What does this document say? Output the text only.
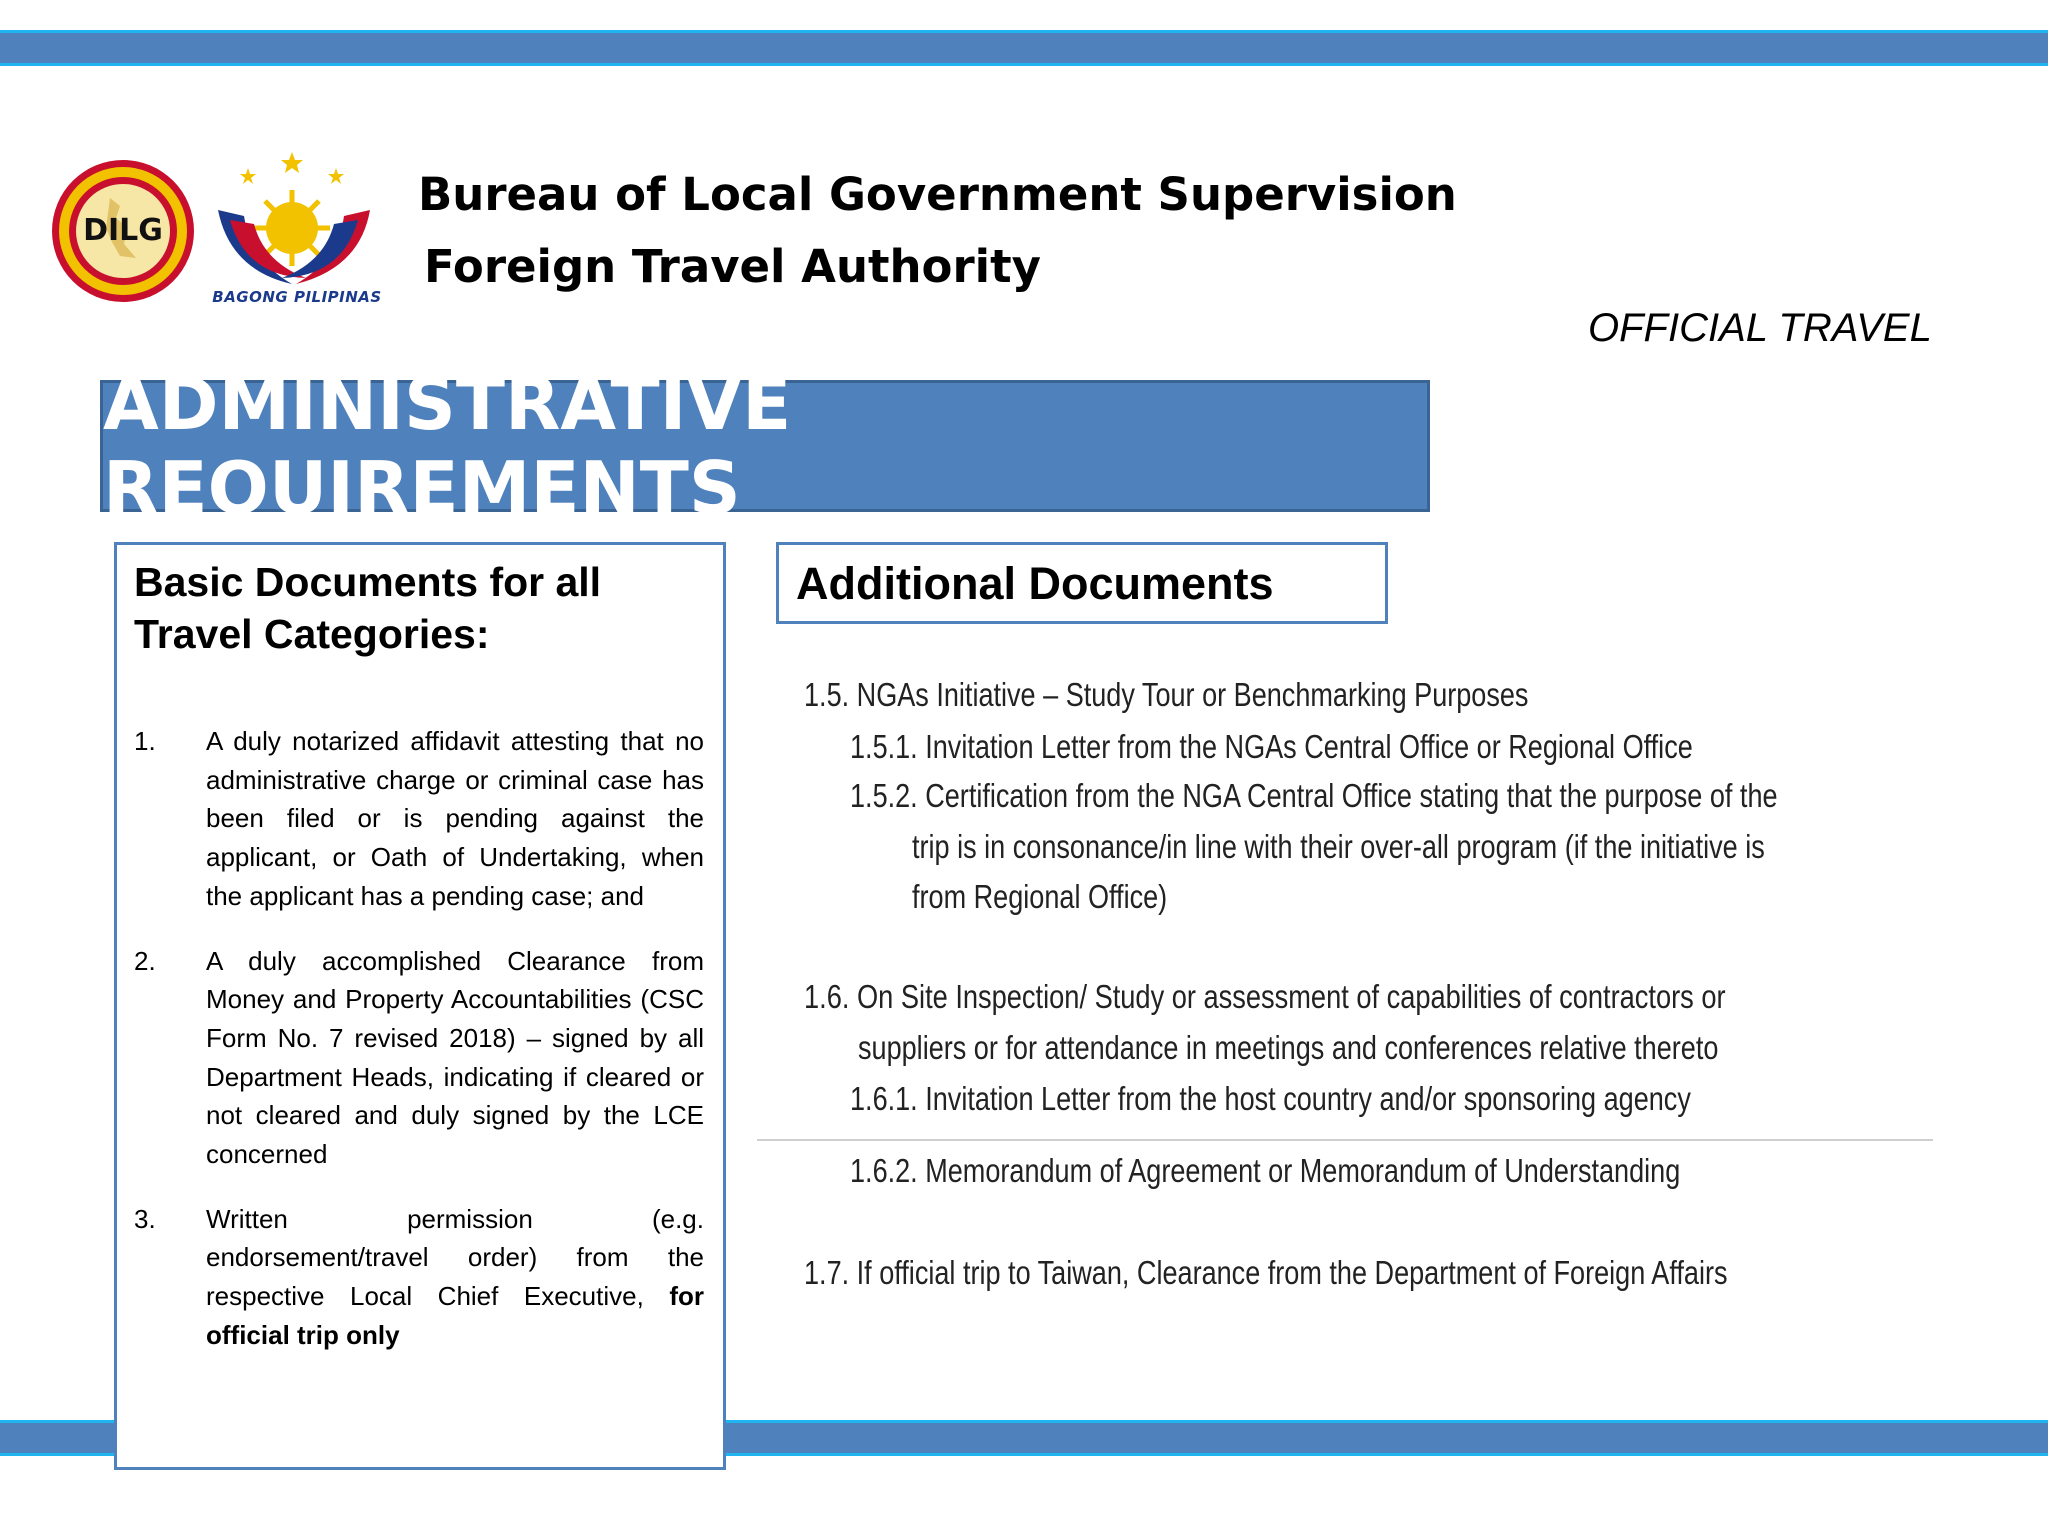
DILG
BAGONG PILIPINAS
Bureau of Local Government Supervision
Foreign Travel Authority
OFFICIAL TRAVEL
ADMINISTRATIVE REQUIREMENTS
Basic Documents for all Travel Categories:
1.	A duly notarized affidavit attesting that no administrative charge or criminal case has been filed or is pending against the applicant, or Oath of Undertaking, when the applicant has a pending case; and
2.	A duly accomplished Clearance from Money and Property Accountabilities (CSC Form No. 7 revised 2018) – signed by all Department Heads, indicating if cleared or not cleared and duly signed by the LCE concerned
3.	Written permission (e.g. endorsement/travel order) from the respective Local Chief Executive, for official trip only
Additional Documents
1.5. NGAs Initiative – Study Tour or Benchmarking Purposes
1.5.1. Invitation Letter from the NGAs Central Office or Regional Office
1.5.2. Certification from the NGA Central Office stating that the purpose of the
trip is in consonance/in line with their over-all program (if the initiative is
from Regional Office)
1.6. On Site Inspection/ Study or assessment of capabilities of contractors or
suppliers or for attendance in meetings and conferences relative thereto
1.6.1. Invitation Letter from the host country and/or sponsoring agency
1.6.2. Memorandum of Agreement or Memorandum of Understanding
1.7. If official trip to Taiwan, Clearance from the Department of Foreign Affairs
